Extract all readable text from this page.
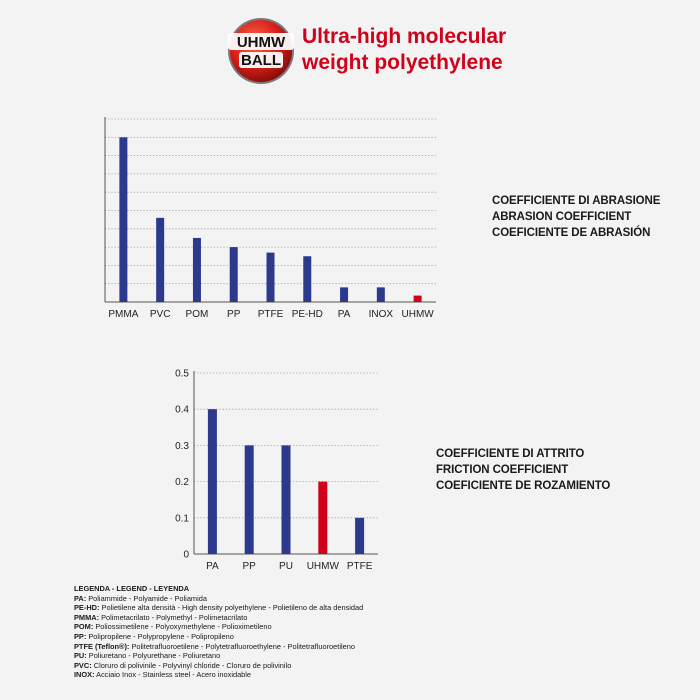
UHMW
BALL
Ultra-high molecular
weight polyethylene
PMMA PVC POM PP PTFE PE-HD PA INOX UHMW
COEFFICIENTE DI ABRASIONE
ABRASION COEFFICIENT
COEFICIENTE DE ABRASIÓN
0
0.1
0.2
0.3
0.4
0.5
PA PP PU UHMW PTFE
COEFFICIENTE DI ATTRITO
FRICTION COEFFICIENT
COEFICIENTE DE ROZAMIENTO
LEGENDA - LEGEND - LEYENDA
PA: Poliammide - Polyamide - Poliamida
PE-HD: Polietilene alta densità - High density polyethylene - Polietileno de alta densidad
PMMA: Polimetacrilato - Polymethyl - Polimetacrilato
POM: Poliossimetilene - Polyoxymethylene - Polioximetileno
PP: Polipropilene - Polypropylene - Polipropileno
PTFE (Teflon®): Politetrafluoroetilene - Polytetrafluoroethylene - Politetrafluoroetileno
PU: Poliuretano - Polyurethane - Poliuretano
PVC: Cloruro di polivinile - Polyvinyl chloride - Cloruro de polivinilo
INOX: Acciaio Inox - Stainless steel - Acero inoxidable
